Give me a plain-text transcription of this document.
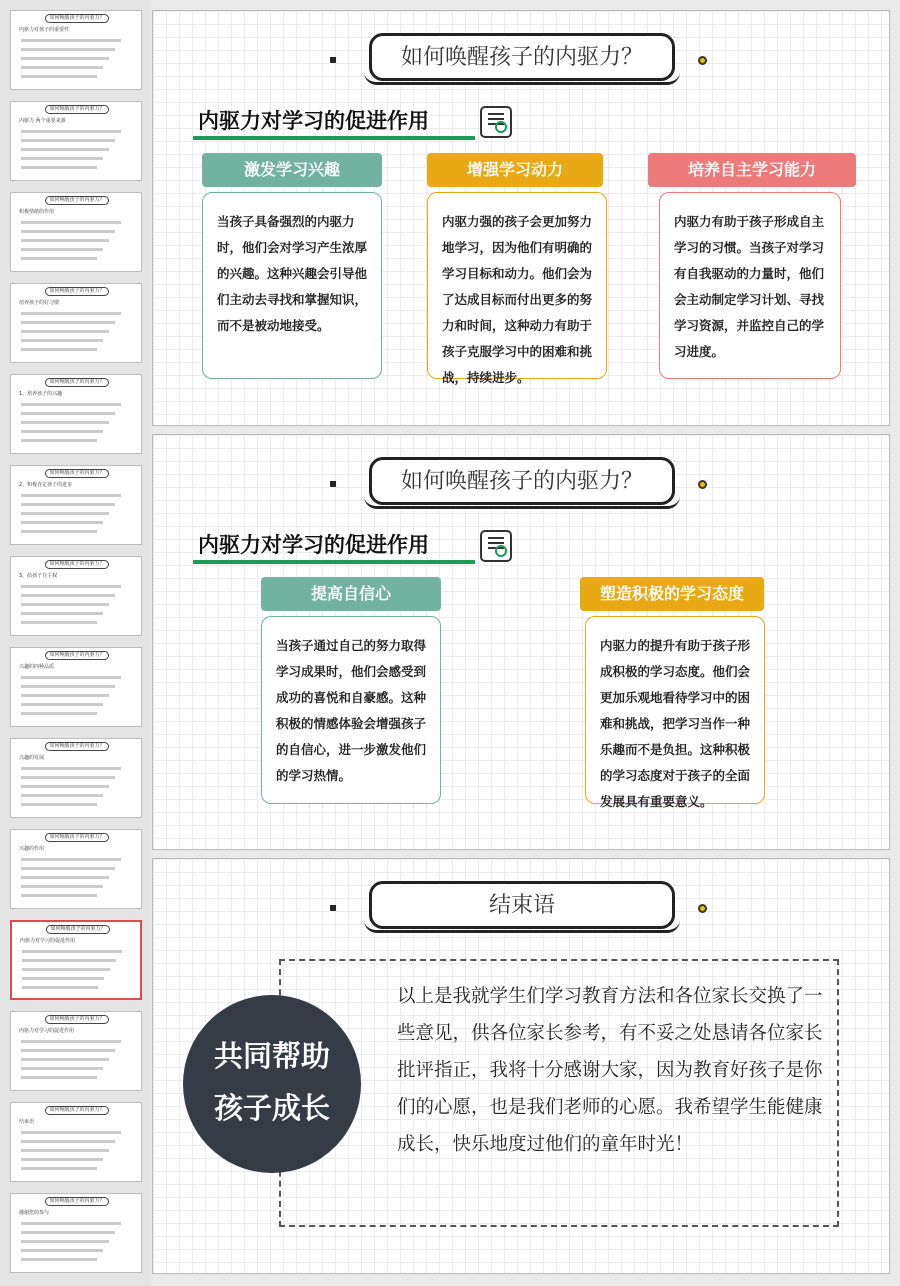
如何唤醒孩子的内驱力？
内驱力对孩子的重要性
如何唤醒孩子的内驱力？
内驱力 两个重要来源
如何唤醒孩子的内驱力？
积极情绪的作用
如何唤醒孩子的内驱力？
培养孩子的好习惯
如何唤醒孩子的内驱力？
1、培养孩子的兴趣
如何唤醒孩子的内驱力？
2、积极肯定孩子的进步
如何唤醒孩子的内驱力？
3、给孩子自主权
如何唤醒孩子的内驱力？
兴趣的四种品质
如何唤醒孩子的内驱力？
兴趣的发展
如何唤醒孩子的内驱力？
兴趣的作用
如何唤醒孩子的内驱力？
内驱力对学习的促进作用
如何唤醒孩子的内驱力？
内驱力对学习的促进作用
如何唤醒孩子的内驱力？
结束语
如何唤醒孩子的内驱力？
感谢您的参与
▪	如何唤醒孩子的内驱力？
内驱力对学习的促进作用
激发学习兴趣
当孩子具备强烈的内驱力时，他们会对学习产生浓厚的兴趣。这种兴趣会引导他们主动去寻找和掌握知识，而不是被动地接受。
增强学习动力
内驱力强的孩子会更加努力地学习，因为他们有明确的学习目标和动力。他们会为了达成目标而付出更多的努力和时间，这种动力有助于孩子克服学习中的困难和挑战，持续进步。
培养自主学习能力
内驱力有助于孩子形成自主学习的习惯。当孩子对学习有自我驱动的力量时，他们会主动制定学习计划、寻找学习资源，并监控自己的学习进度。
▪	如何唤醒孩子的内驱力？
内驱力对学习的促进作用
提高自信心
当孩子通过自己的努力取得学习成果时，他们会感受到成功的喜悦和自豪感。这种积极的情感体验会增强孩子的自信心，进一步激发他们的学习热情。
塑造积极的学习态度
内驱力的提升有助于孩子形成积极的学习态度。他们会更加乐观地看待学习中的困难和挑战，把学习当作一种乐趣而不是负担。这种积极的学习态度对于孩子的全面发展具有重要意义。
▪	结束语
共同帮助
孩子成长
以上是我就学生们学习教育方法和各位家长交换了一些意见，供各位家长参考，有不妥之处恳请各位家长批评指正，我将十分感谢大家，因为教育好孩子是你们的心愿，也是我们老师的心愿。我希望学生能健康成长，快乐地度过他们的童年时光！
